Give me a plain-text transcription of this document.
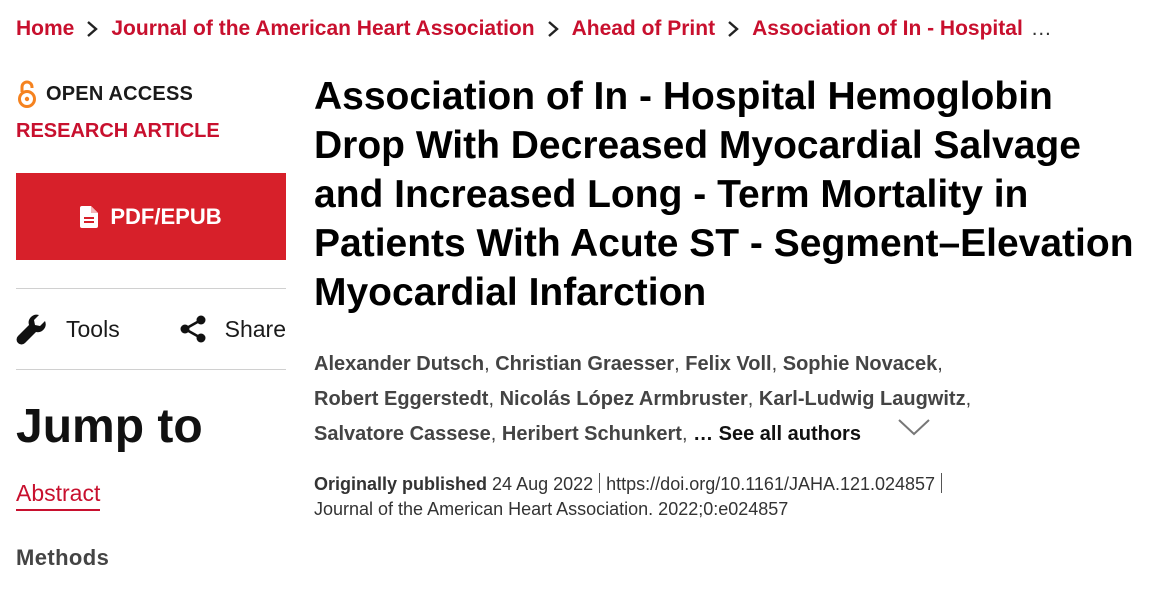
Home Journal of the American Heart Association Ahead of Print Association of In ‐ Hospital …
OPEN ACCESS
RESEARCH ARTICLE
PDF/EPUB
Tools	Share
Jump to
Abstract
Methods
Association of In ‐ Hospital Hemoglobin Drop With Decreased Myocardial Salvage and Increased Long ‐ Term Mortality in Patients With Acute ST ‐ Segment–Elevation Myocardial Infarction
Alexander Dutsch, Christian Graesser, Felix Voll, Sophie Novacek,
Robert Eggerstedt, Nicolás López Armbruster, Karl-Ludwig Laugwitz,
Salvatore Cassese, Heribert Schunkert, … See all authors
Originally published 24 Aug 2022 https://doi.org/10.1161/JAHA.121.024857
Journal of the American Heart Association. 2022;0:e024857
